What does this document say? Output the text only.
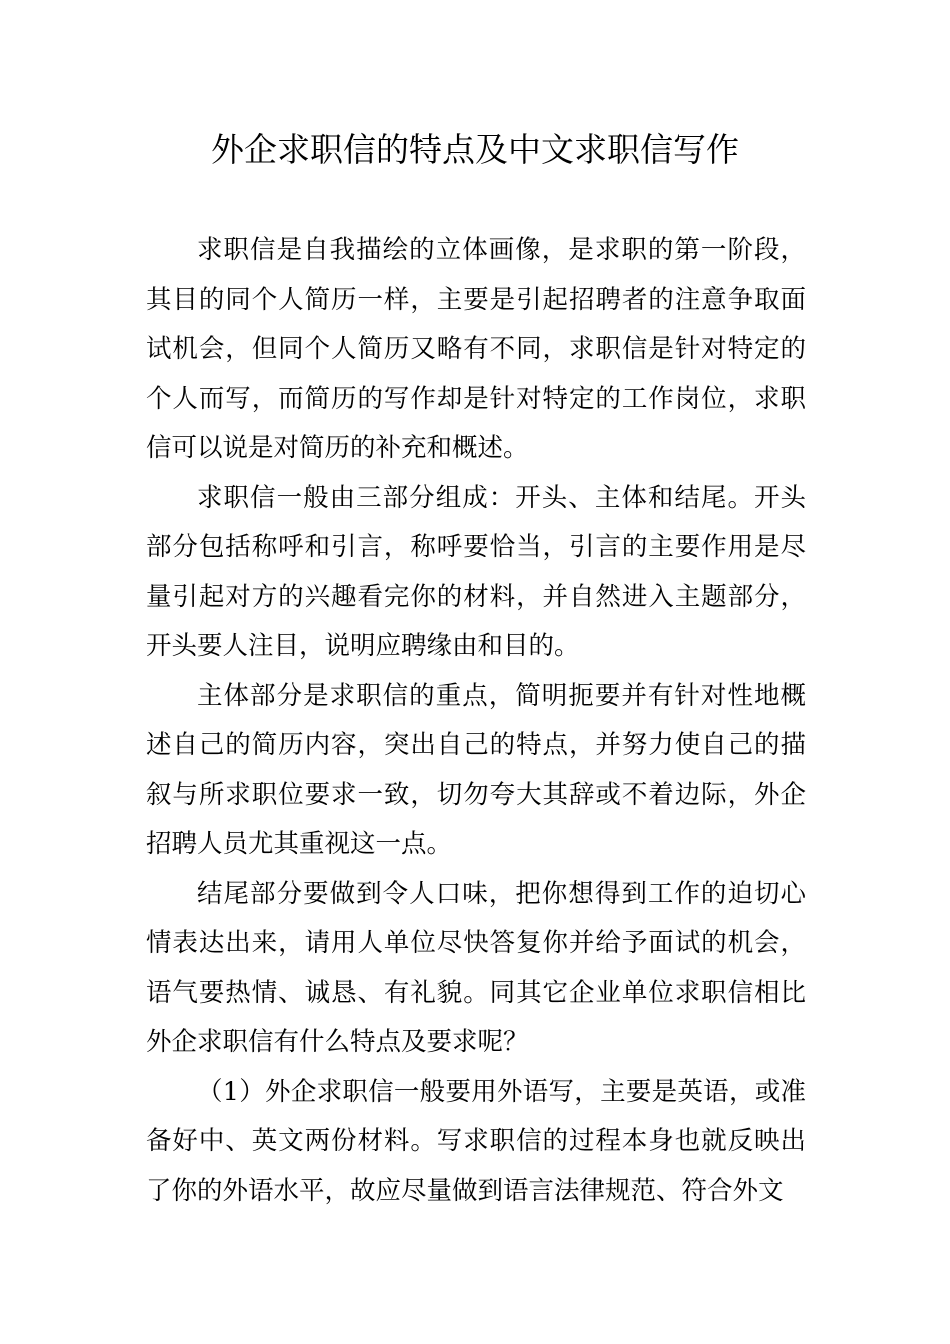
外企求职信的特点及中文求职信写作

求职信是自我描绘的立体画像，是求职的第一阶段，其目的同个人简历一样，主要是引起招聘者的注意争取面试机会，但同个人简历又略有不同，求职信是针对特定的个人而写，而简历的写作却是针对特定的工作岗位，求职信可以说是对简历的补充和概述。

求职信一般由三部分组成：开头、主体和结尾。开头部分包括称呼和引言，称呼要恰当，引言的主要作用是尽量引起对方的兴趣看完你的材料，并自然进入主题部分，开头要人注目，说明应聘缘由和目的。

主体部分是求职信的重点，简明扼要并有针对性地概述自己的简历内容，突出自己的特点，并努力使自己的描叙与所求职位要求一致，切勿夸大其辞或不着边际，外企招聘人员尤其重视这一点。

结尾部分要做到令人口味，把你想得到工作的迫切心情表达出来，请用人单位尽快答复你并给予面试的机会，语气要热情、诚恳、有礼貌。同其它企业单位求职信相比外企求职信有什么特点及要求呢？

（1）外企求职信一般要用外语写，主要是英语，或准备好中、英文两份材料。写求职信的过程本身也就反映出了你的外语水平，故应尽量做到语言法律规范、符合外文
